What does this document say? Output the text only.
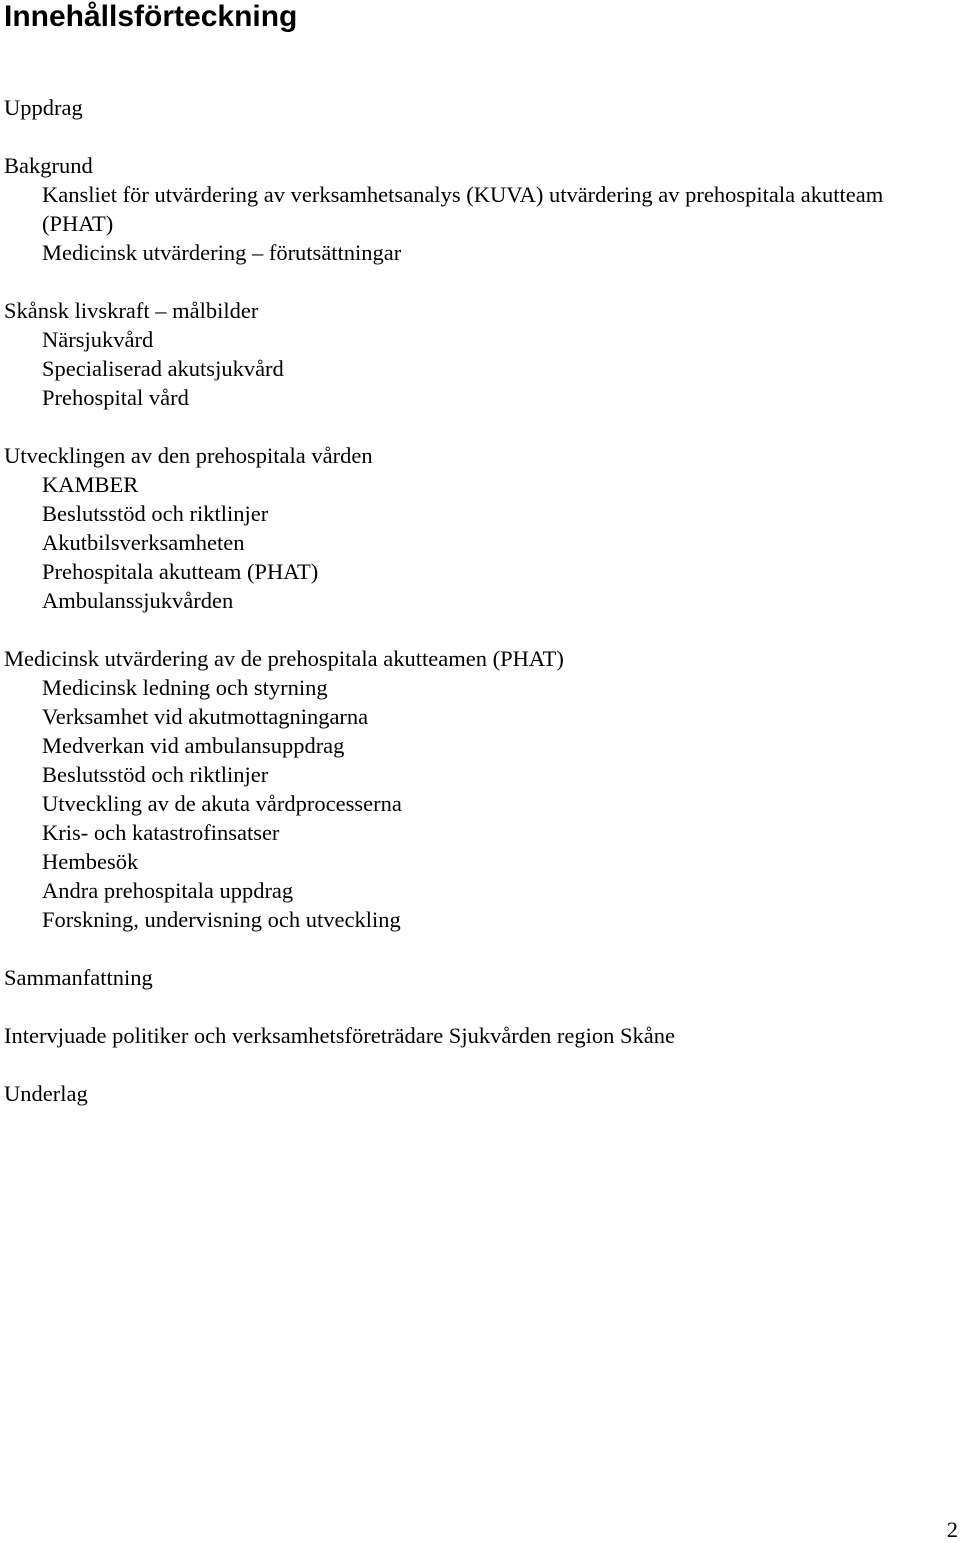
Innehållsförteckning
Uppdrag
Bakgrund
Kansliet för utvärdering av verksamhetsanalys (KUVA) utvärdering av prehospitala akutteam (PHAT)
Medicinsk utvärdering – förutsättningar
Skånsk livskraft – målbilder
Närsjukvård
Specialiserad akutsjukvård
Prehospital vård
Utvecklingen av den prehospitala vården
KAMBER
Beslutsstöd och riktlinjer
Akutbilsverksamheten
Prehospitala akutteam (PHAT)
Ambulanssjukvården
Medicinsk utvärdering av de prehospitala akutteamen (PHAT)
Medicinsk ledning och styrning
Verksamhet vid akutmottagningarna
Medverkan vid ambulansuppdrag
Beslutsstöd och riktlinjer
Utveckling av de akuta vårdprocesserna
Kris- och katastrofinsatser
Hembesök
Andra prehospitala uppdrag
Forskning, undervisning och utveckling
Sammanfattning
Intervjuade politiker och verksamhetsföreträdare Sjukvården region Skåne
Underlag
2
